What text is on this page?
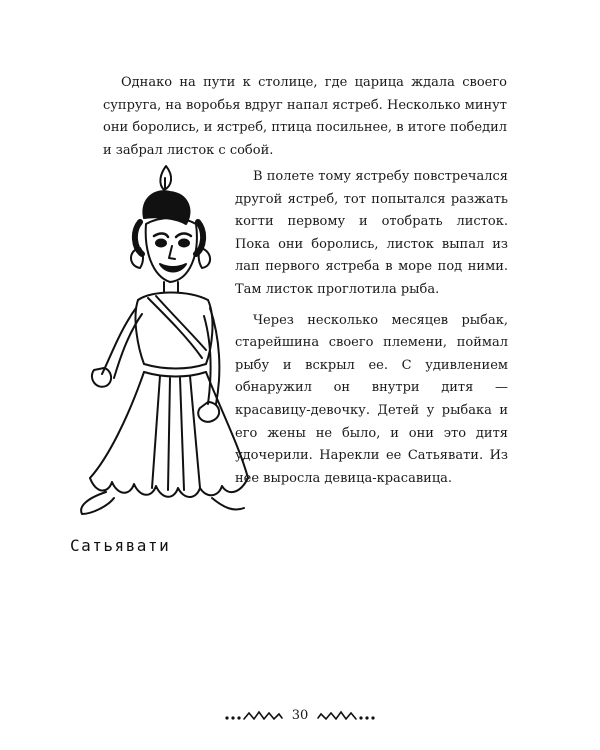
Однако на пути к столице, где царица ждала своего супруга, на воробья вдруг напал ястреб. Несколько минут они боролись, и ястреб, птица посильнее, в итоге победил и забрал листок с собой.

В полете тому ястребу повстречался другой ястреб, тот попытался разжать когти первому и отобрать листок. Пока они боролись, листок выпал из лап первого ястреба в море под ними. Там листок проглотила рыба.

Через несколько месяцев рыбак, старейшина своего племени, поймал рыбу и вскрыл ее. С удивлением обнаружил он внутри дитя — красавицу-девочку. Детей у рыбака и его жены не было, и они это дитя удочерили. Нарекли ее Сатьявати. Из нее выросла девица-красавица.

Сатьявати
30
